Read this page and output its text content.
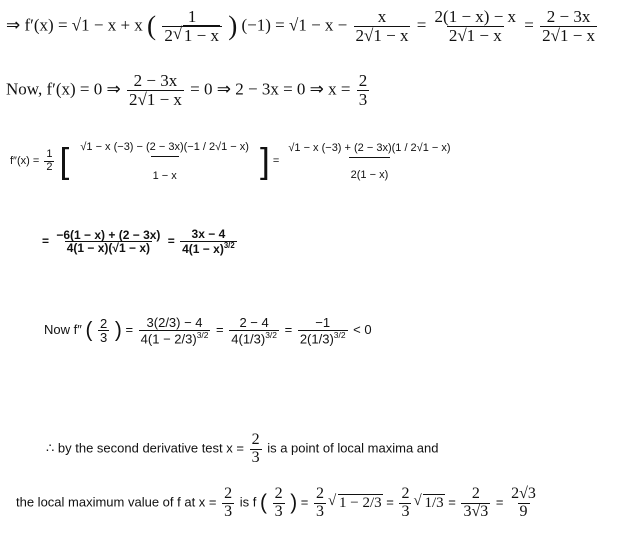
⇒ f′(x) = √1 − x + x ( $\frac{1}{2 √ 1 - x}$ ) $(-1) = √1 - x - \frac{x}{2√1 - x} = \frac{2(1 - x) - x}{2√1 - x} = \frac{2 - 3x}{2√1 - x}$
Now, f′(x) = 0 ⇒ $\frac{2 - 3x}{2√1 - x} = 0$ ⇒ 2 − 3x = 0 ⇒ $x = \frac{2}{3}$
$f''(x) = \frac{1}{2}$ [ $\frac{√1 - x (-3) - (2 - 3x)(-1 / 2√1 - x)}{1 - x}$ ] = $\frac{√1 - x (-3) + (2 - 3x)(1 / 2√1 - x)}{2(1 - x)}$
= $\frac{-6(1 - x) + (2 - 3x)}{4(1 - x)(√1 - x)} = \frac{3x - 4}{4(1 - x)^{3/2}}$
Now f″ ( $\frac{2}{3}$ ) = $\frac{3(2/3) - 4}{4(1 - 2/3)^{3/2}} = \frac{2 - 4}{4(1/3)^{3/2}} = \frac{-1}{2(1/3)^{3/2}} < 0$
∴ by the second derivative test $x = \frac{2}{3}$ is a point of local maxima and
the local maximum value of f at $x = \frac{2}{3}$ is f ( $\frac{2}{3}$ ) = $\frac{2}{3}$ √ $1 - 2/3 = \frac{2}{3}$ √ $1/3 = \frac{2}{3√3} = \frac{2√3}{9}$
